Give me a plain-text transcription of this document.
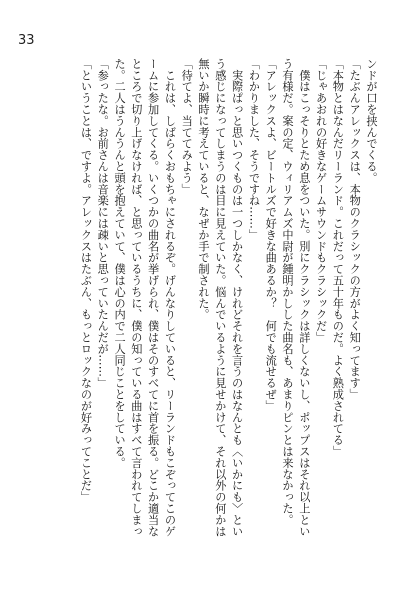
33
ンドが口を挟んでくる。
「たぶんアレックスは、本物のクラシックの方がよく知ってます」
「本物とはなんだリーランド。これだって五十年ものだ。よく熟成されてる」
「じゃあおれの好きなゲームサウンドもクラシックだ」
　僕はこっそりとため息をついた。別にクラシックは詳しくないし、ポップスはそれ以上とい
う有様だ。案の定、ウィリアムズ中尉が鍾明かしした曲名も、あまりピンとは来なかった。
「アレックスよ、ビートルズで好きな曲あるか？　何でも流せるぜ」
「わかりました、そうですね……」
　実際ぱっと思いつくものは一つしかなく、けれどそれを言うのはなんとも〈いかにも〉とい
う感じになってしまうのは目に見えていた。悩んでいるように見せかけて、それ以外の何かは
無いか瞬時に考えていると、なぜか手で制された。
「待てよ、当ててみよう」
　これは、しばらくおもちゃにされるぞ。げんなりしていると、リーランドもこぞってこのゲ
ームに参加してくる。いくつかの曲名が挙げられ、僕はそのすべてに首を振る。どこか適当な
ところで切り上げなければ、と思っているうちに、僕の知っている曲はすべて言われてしまっ
た。二人はうんうんと頭を抱えていて、僕は心の内で二人同じことをしている。
「参ったな。お前さんは音楽には疎いと思っていたんだが……」
「ということは、ですよ。アレックスはたぶん、もっとロックなのが好みってことだ」
